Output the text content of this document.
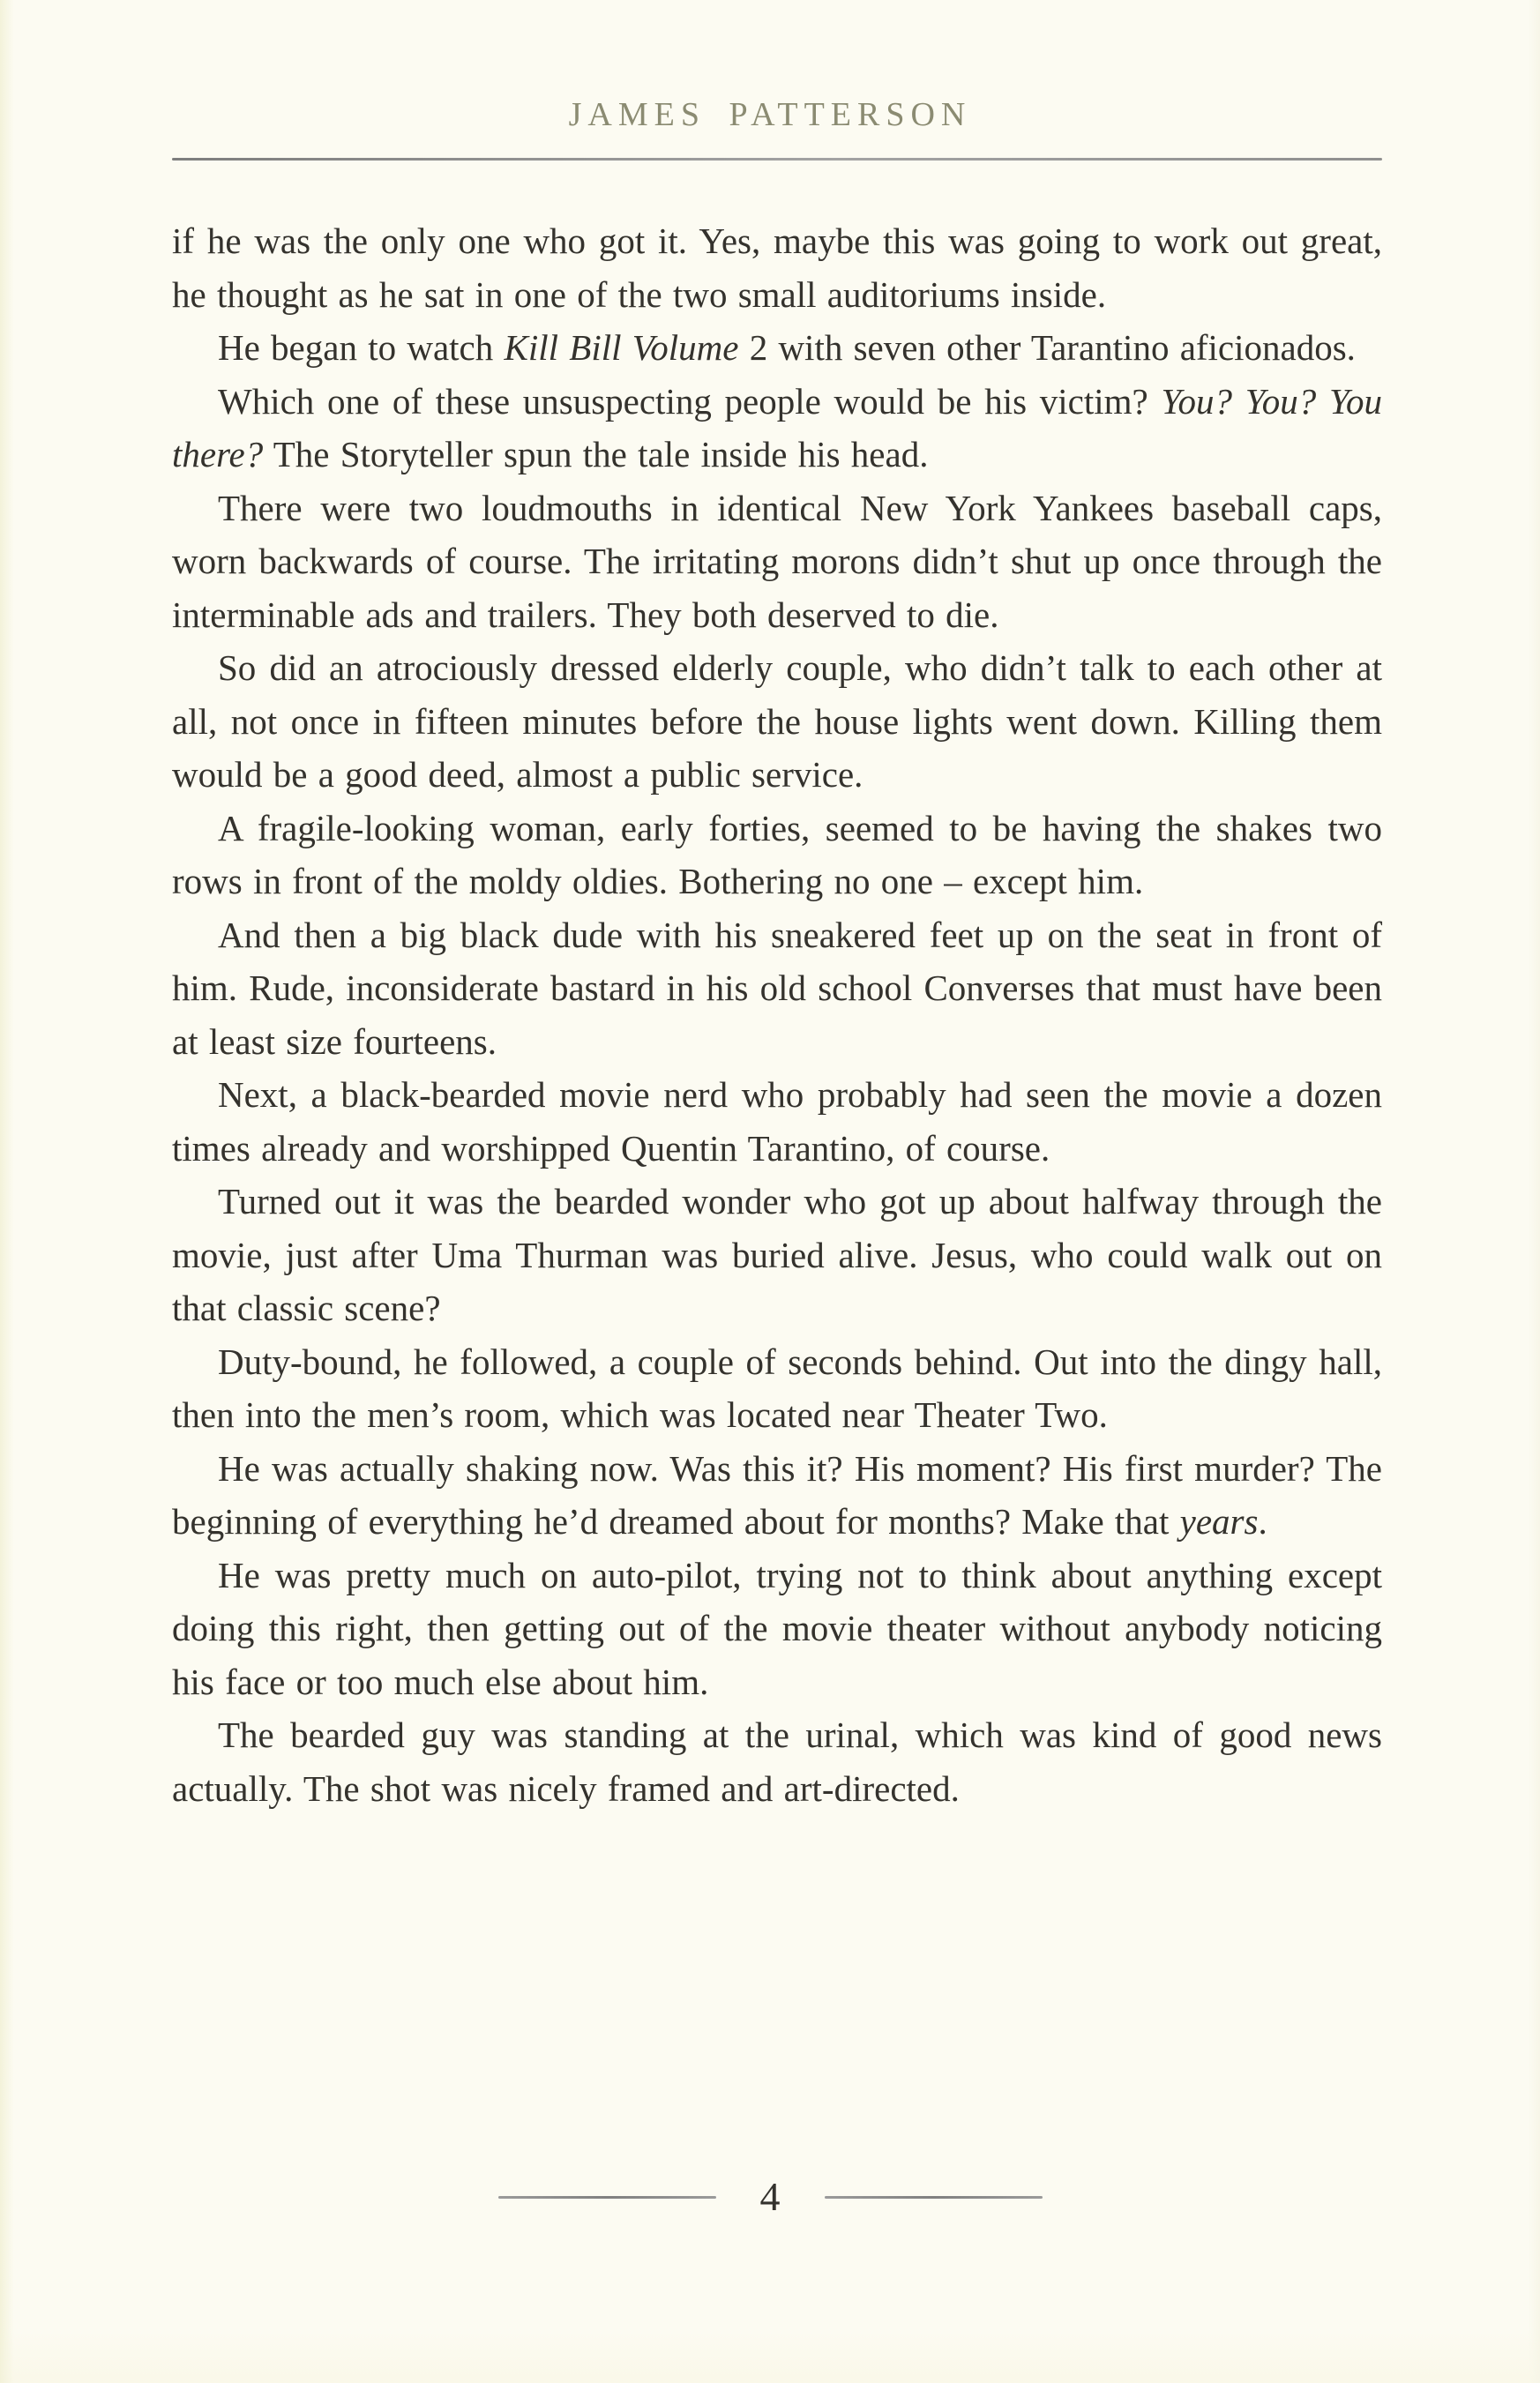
JAMES PATTERSON

if he was the only one who got it. Yes, maybe this was going to work out great, he thought as he sat in one of the two small auditoriums inside.

He began to watch Kill Bill Volume 2 with seven other Tarantino aficionados.

Which one of these unsuspecting people would be his victim? You? You? You there? The Storyteller spun the tale inside his head.

There were two loudmouths in identical New York Yankees baseball caps, worn backwards of course. The irritating morons didn’t shut up once through the interminable ads and trailers. They both deserved to die.

So did an atrociously dressed elderly couple, who didn’t talk to each other at all, not once in fifteen minutes before the house lights went down. Killing them would be a good deed, almost a public service.

A fragile-looking woman, early forties, seemed to be having the shakes two rows in front of the moldy oldies. Bothering no one – except him.

And then a big black dude with his sneakered feet up on the seat in front of him. Rude, inconsiderate bastard in his old school Converses that must have been at least size fourteens.

Next, a black-bearded movie nerd who probably had seen the movie a dozen times already and worshipped Quentin Tarantino, of course.

Turned out it was the bearded wonder who got up about halfway through the movie, just after Uma Thurman was buried alive. Jesus, who could walk out on that classic scene?

Duty-bound, he followed, a couple of seconds behind. Out into the dingy hall, then into the men’s room, which was located near Theater Two.

He was actually shaking now. Was this it? His moment? His first murder? The beginning of everything he’d dreamed about for months? Make that years.

He was pretty much on auto-pilot, trying not to think about anything except doing this right, then getting out of the movie theater without anybody noticing his face or too much else about him.

The bearded guy was standing at the urinal, which was kind of good news actually. The shot was nicely framed and art-directed.

4
